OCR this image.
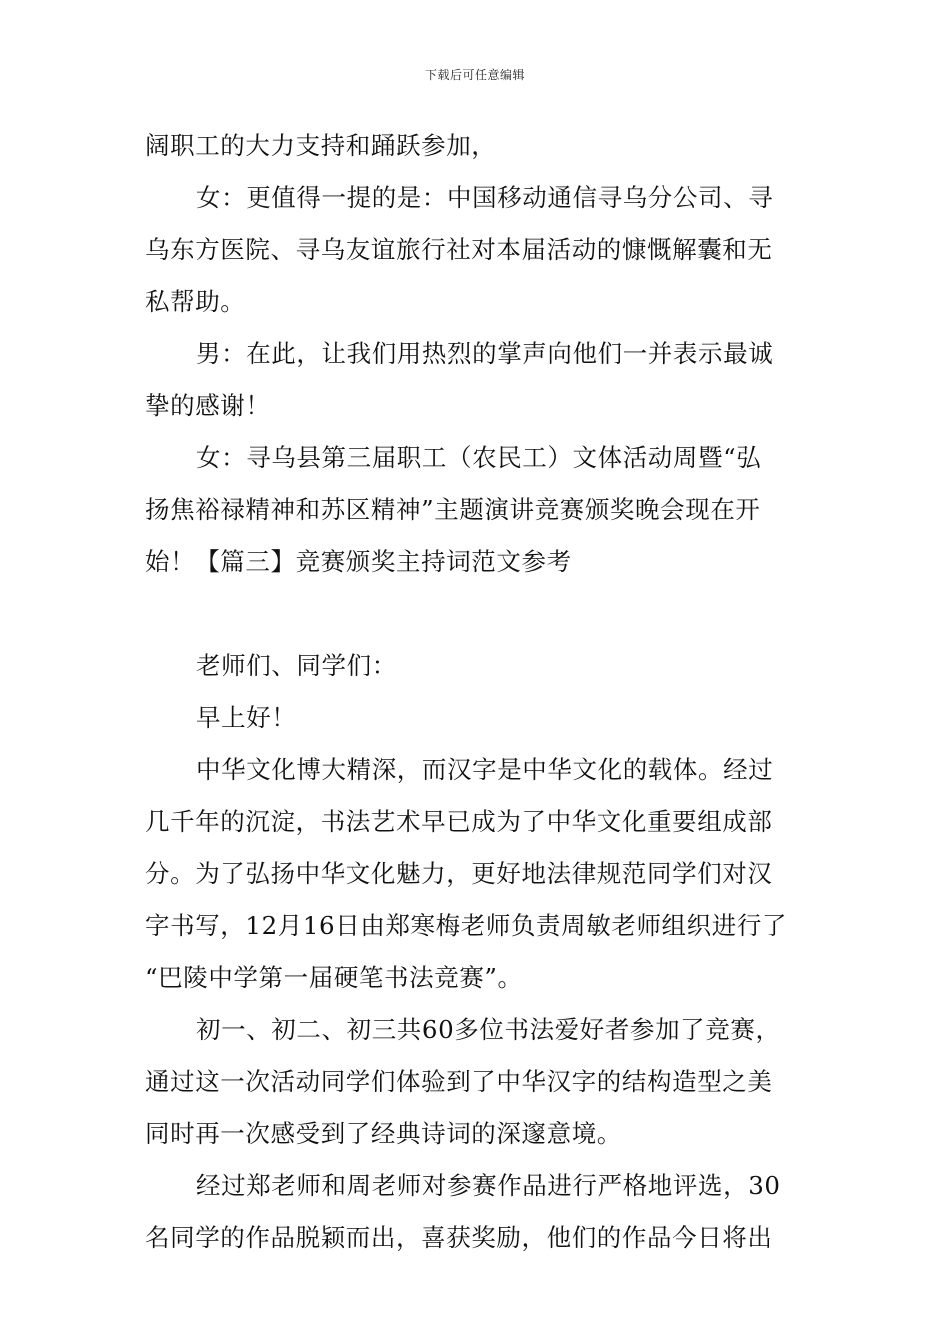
下载后可任意编辑
阔职工的大力支持和踊跃参加，
女：更值得一提的是：中国移动通信寻乌分公司、寻
乌东方医院、寻乌友谊旅行社对本届活动的慷慨解囊和无
私帮助。
男：在此，让我们用热烈的掌声向他们一并表示最诚
挚的感谢！
女：寻乌县第三届职工（农民工）文体活动周暨“弘
扬焦裕禄精神和苏区精神”主题演讲竞赛颁奖晚会现在开
始！【篇三】竞赛颁奖主持词范文参考
老师们、同学们：
早上好！
中华文化博大精深，而汉字是中华文化的载体。经过
几千年的沉淀，书法艺术早已成为了中华文化重要组成部
分。为了弘扬中华文化魅力，更好地法律规范同学们对汉
字书写，12月16日由郑寒梅老师负责周敏老师组织进行了
“巴陵中学第一届硬笔书法竞赛”。
初一、初二、初三共60多位书法爱好者参加了竞赛，
通过这一次活动同学们体验到了中华汉字的结构造型之美
同时再一次感受到了经典诗词的深邃意境。
经过郑老师和周老师对参赛作品进行严格地评选，30
名同学的作品脱颖而出，喜获奖励，他们的作品今日将出
